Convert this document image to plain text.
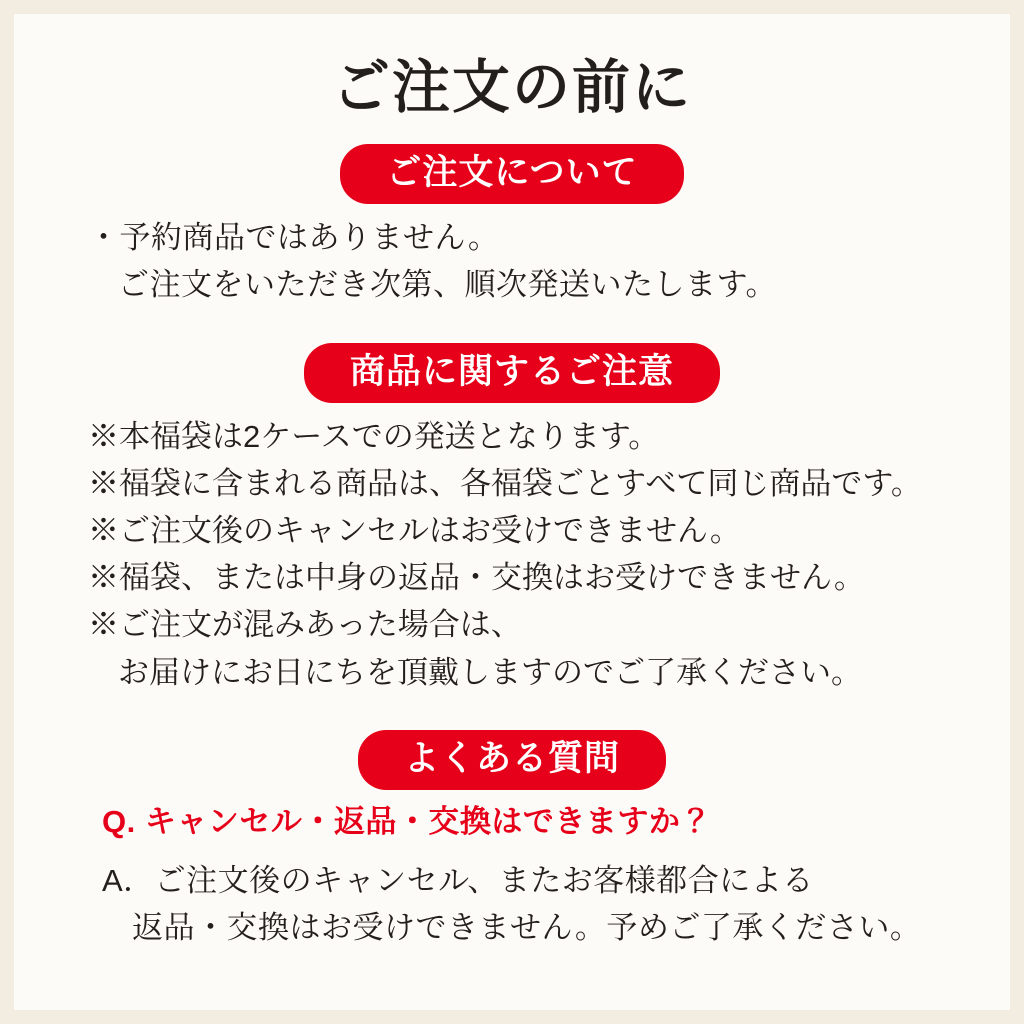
ご注文の前に
ご注文について
・予約商品ではありません。
ご注文をいただき次第、順次発送いたします。
商品に関するご注意
※本福袋は2ケースでの発送となります。
※福袋に含まれる商品は、各福袋ごとすべて同じ商品です。
※ご注文後のキャンセルはお受けできません。
※福袋、または中身の返品・交換はお受けできません。
※ご注文が混みあった場合は、
お届けにお日にちを頂戴しますのでご了承ください。
よくある質問
Q. キャンセル・返品・交換はできますか？
A．ご注文後のキャンセル、またお客様都合による
返品・交換はお受けできません。予めご了承ください。
